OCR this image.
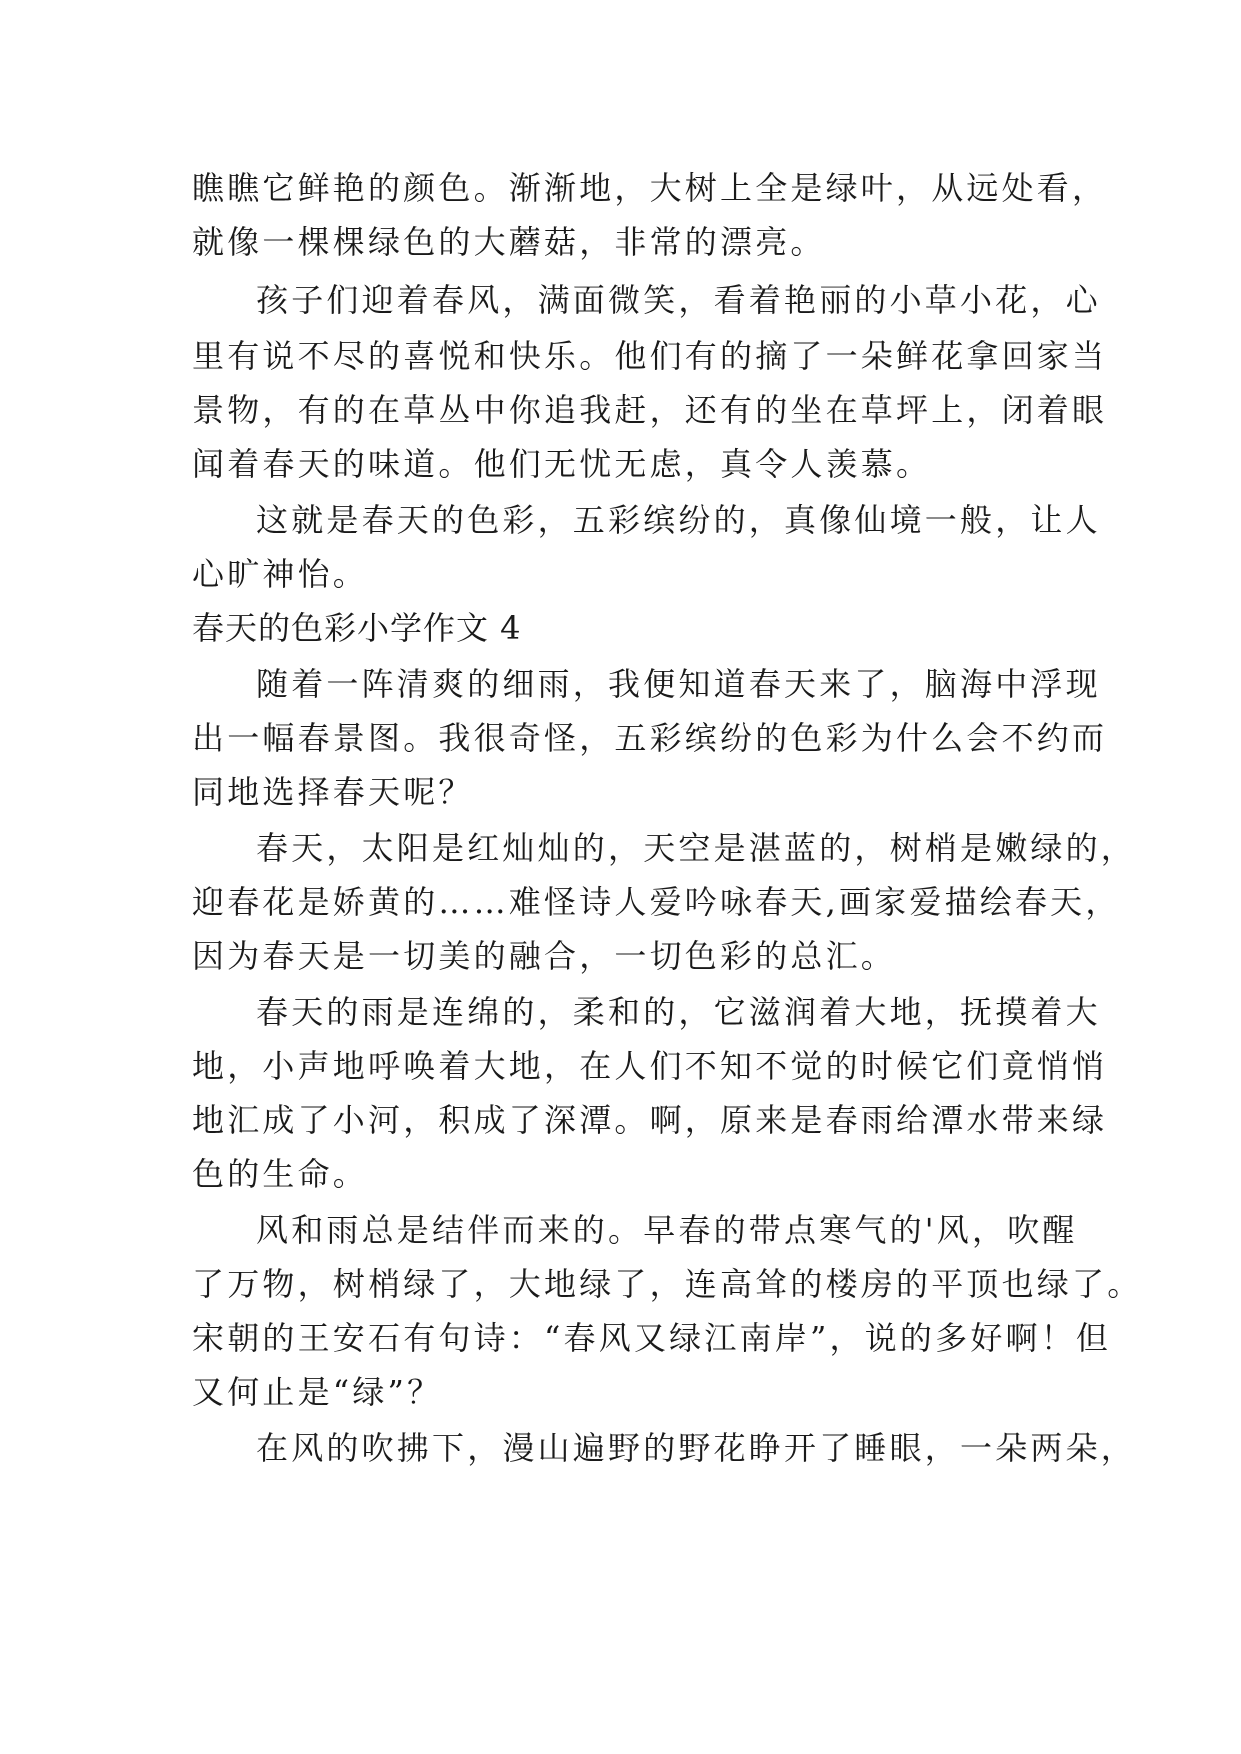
瞧瞧它鲜艳的颜色。渐渐地，大树上全是绿叶，从远处看，
就像一棵棵绿色的大蘑菇，非常的漂亮。
孩子们迎着春风，满面微笑，看着艳丽的小草小花，心
里有说不尽的喜悦和快乐。他们有的摘了一朵鲜花拿回家当
景物，有的在草丛中你追我赶，还有的坐在草坪上，闭着眼
闻着春天的味道。他们无忧无虑，真令人羡慕。
这就是春天的色彩，五彩缤纷的，真像仙境一般，让人
心旷神怡。
春天的色彩小学作文 4
随着一阵清爽的细雨，我便知道春天来了，脑海中浮现
出一幅春景图。我很奇怪，五彩缤纷的色彩为什么会不约而
同地选择春天呢？
春天，太阳是红灿灿的，天空是湛蓝的，树梢是嫩绿的，
迎春花是娇黄的……难怪诗人爱吟咏春天,画家爱描绘春天，
因为春天是一切美的融合，一切色彩的总汇。
春天的雨是连绵的，柔和的，它滋润着大地，抚摸着大
地，小声地呼唤着大地，在人们不知不觉的时候它们竟悄悄
地汇成了小河，积成了深潭。啊，原来是春雨给潭水带来绿
色的生命。
风和雨总是结伴而来的。早春的带点寒气的'风，吹醒
了万物，树梢绿了，大地绿了，连高耸的楼房的平顶也绿了。
宋朝的王安石有句诗：“春风又绿江南岸”，说的多好啊！但
又何止是“绿”？
在风的吹拂下，漫山遍野的野花睁开了睡眼，一朵两朵，
